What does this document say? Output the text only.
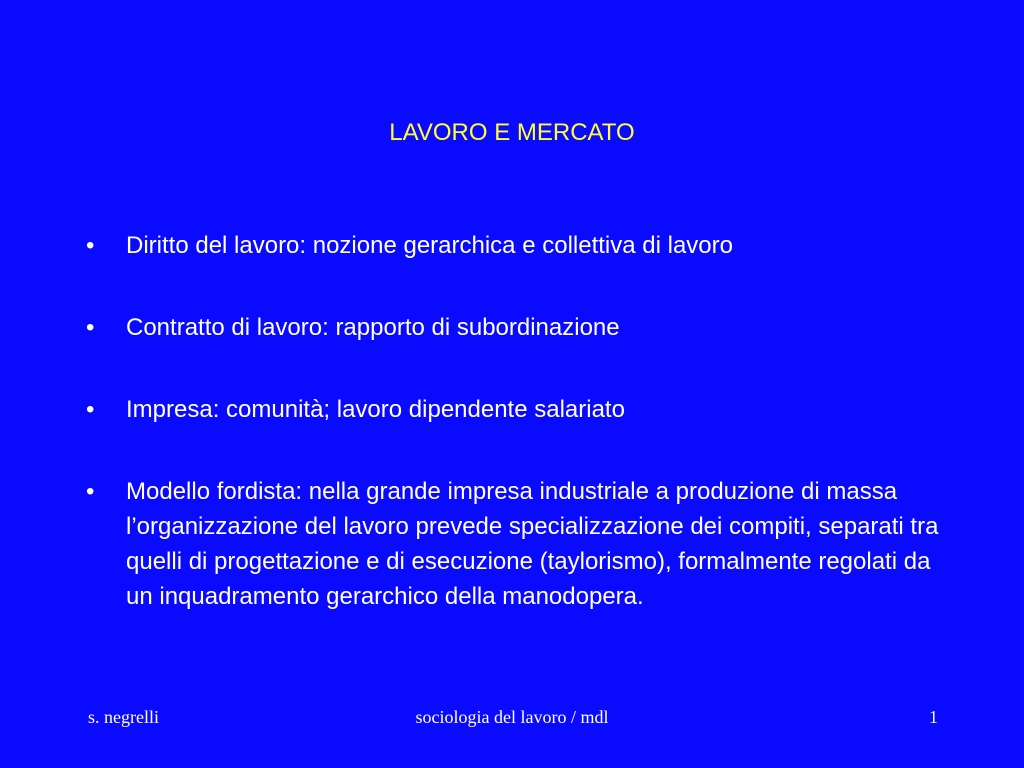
LAVORO E MERCATO
•	Diritto del lavoro: nozione gerarchica e collettiva di lavoro
•	Contratto di lavoro: rapporto di subordinazione
•	Impresa: comunità; lavoro dipendente salariato
•	Modello fordista: nella grande impresa industriale a produzione di massa l’organizzazione del lavoro prevede specializzazione dei compiti, separati tra quelli di progettazione e di esecuzione (taylorismo), formalmente regolati da un inquadramento gerarchico della manodopera.
s. negrelli	sociologia del lavoro / mdl	1
